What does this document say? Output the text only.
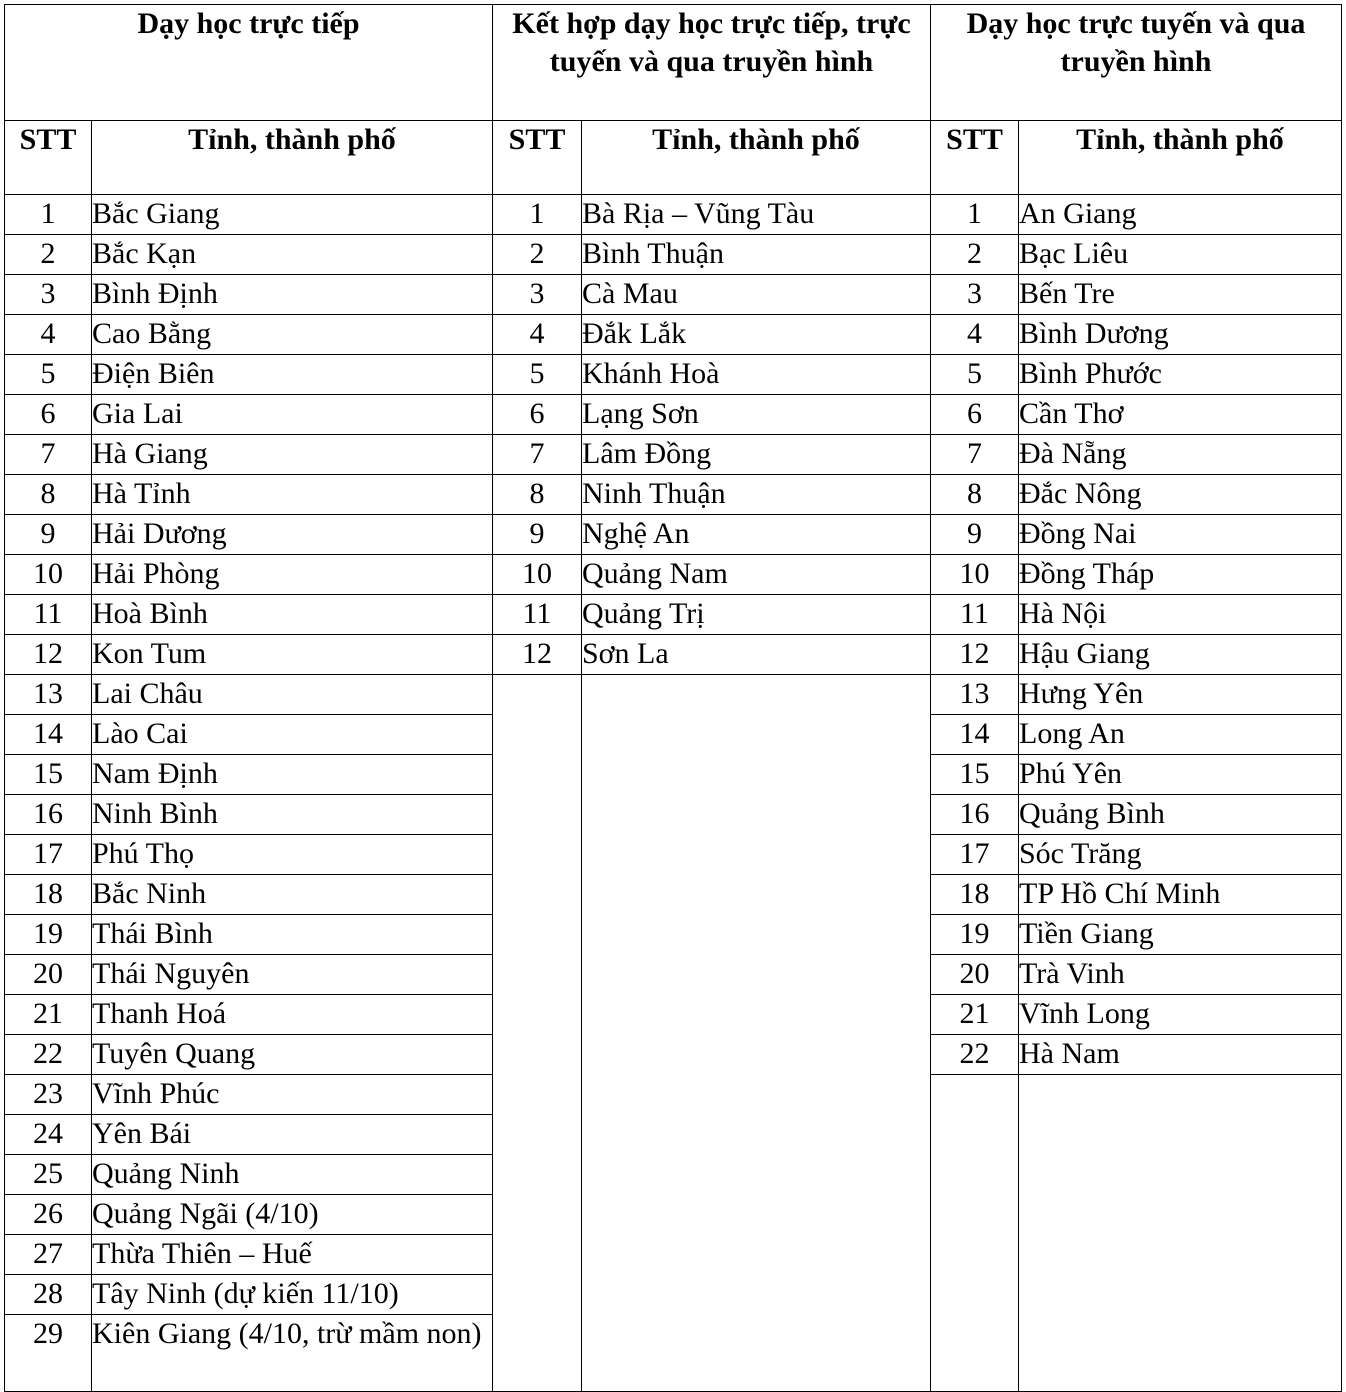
Dạy học trực tiếp		Kết hợp dạy học trực tiếp, trực tuyến và qua truyền hình		Dạy học trực tuyến và qua truyền hình	
STT	Tỉnh, thành phố	STT	Tỉnh, thành phố	STT	Tỉnh, thành phố
1	Bắc Giang	1	Bà Rịa – Vũng Tàu	1	An Giang
2	Bắc Kạn	2	Bình Thuận	2	Bạc Liêu
3	Bình Định	3	Cà Mau	3	Bến Tre
4	Cao Bằng	4	Đắk Lắk	4	Bình Dương
5	Điện Biên	5	Khánh Hoà	5	Bình Phước
6	Gia Lai	6	Lạng Sơn	6	Cần Thơ
7	Hà Giang	7	Lâm Đồng	7	Đà Nẵng
8	Hà Tỉnh	8	Ninh Thuận	8	Đắc Nông
9	Hải Dương	9	Nghệ An	9	Đồng Nai
10	Hải Phòng	10	Quảng Nam	10	Đồng Tháp
11	Hoà Bình	11	Quảng Trị	11	Hà Nội
12	Kon Tum	12	Sơn La	12	Hậu Giang
13	Lai Châu			13	Hưng Yên
14	Lào Cai			14	Long An
15	Nam Định			15	Phú Yên
16	Ninh Bình			16	Quảng Bình
17	Phú Thọ			17	Sóc Trăng
18	Bắc Ninh			18	TP Hồ Chí Minh
19	Thái Bình			19	Tiền Giang
20	Thái Nguyên			20	Trà Vinh
21	Thanh Hoá			21	Vĩnh Long
22	Tuyên Quang			22	Hà Nam
23	Vĩnh Phúc				
24	Yên Bái				
25	Quảng Ninh				
26	Quảng Ngãi (4/10)				
27	Thừa Thiên – Huế				
28	Tây Ninh (dự kiến 11/10)				
29	Kiên Giang (4/10, trừ mầm non)				
